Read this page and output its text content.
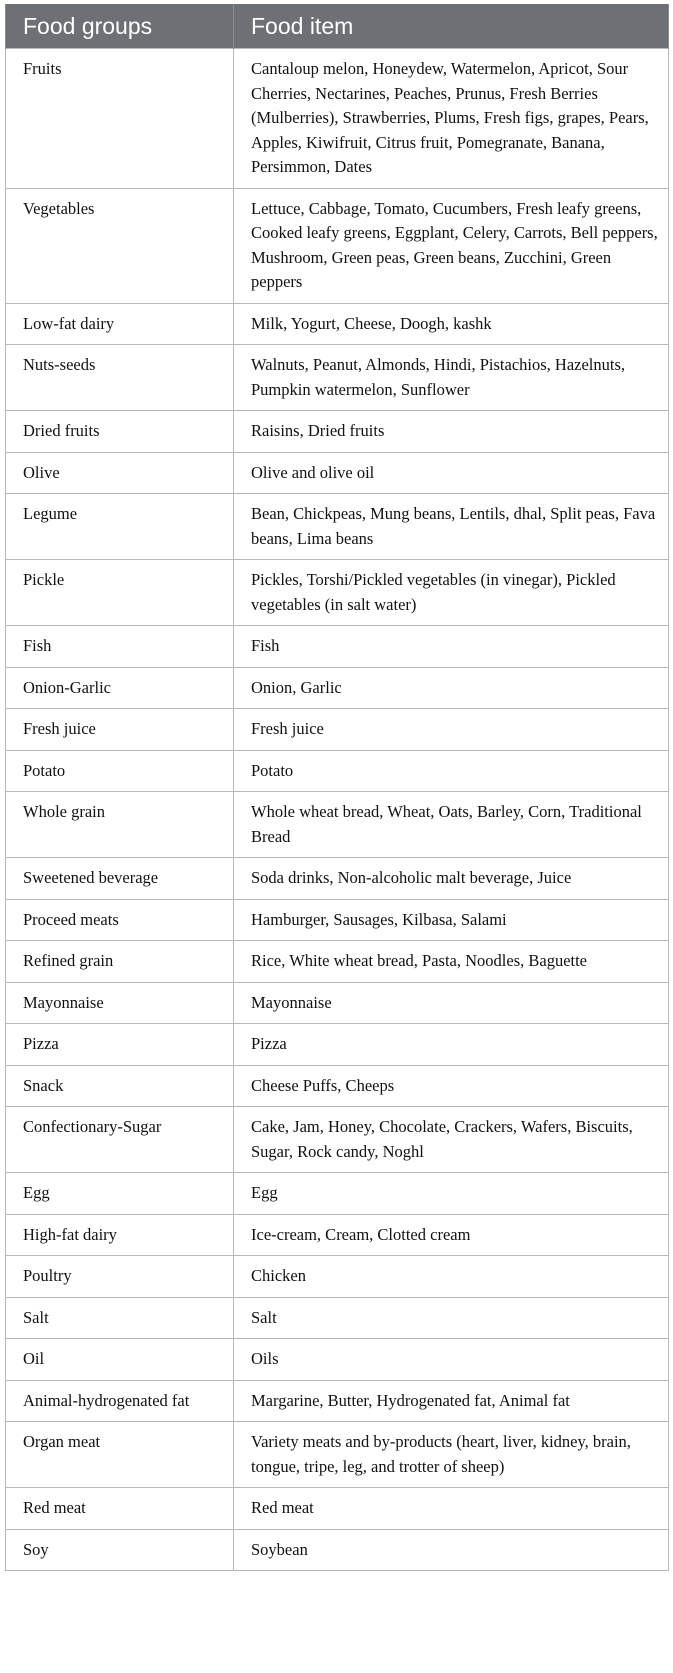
Food groups	Food item
Fruits	Cantaloup melon, Honeydew, Watermelon, Apricot, Sour Cherries, Nectarines, Peaches, Prunus, Fresh Berries (Mulberries), Strawberries, Plums, Fresh figs, grapes, Pears, Apples, Kiwifruit, Citrus fruit, Pomegranate, Banana, Persimmon, Dates
Vegetables	Lettuce, Cabbage, Tomato, Cucumbers, Fresh leafy greens, Cooked leafy greens, Eggplant, Celery, Carrots, Bell peppers, Mushroom, Green peas, Green beans, Zucchini, Green peppers
Low-fat dairy	Milk, Yogurt, Cheese, Doogh, kashk
Nuts-seeds	Walnuts, Peanut, Almonds, Hindi, Pistachios, Hazelnuts, Pumpkin watermelon, Sunflower
Dried fruits	Raisins, Dried fruits
Olive	Olive and olive oil
Legume	Bean, Chickpeas, Mung beans, Lentils, dhal, Split peas, Fava beans, Lima beans
Pickle	Pickles, Torshi/Pickled vegetables (in vinegar), Pickled vegetables (in salt water)
Fish	Fish
Onion-Garlic	Onion, Garlic
Fresh juice	Fresh juice
Potato	Potato
Whole grain	Whole wheat bread, Wheat, Oats, Barley, Corn, Traditional Bread
Sweetened beverage	Soda drinks, Non-alcoholic malt beverage, Juice
Proceed meats	Hamburger, Sausages, Kilbasa, Salami
Refined grain	Rice, White wheat bread, Pasta, Noodles, Baguette
Mayonnaise	Mayonnaise
Pizza	Pizza
Snack	Cheese Puffs, Cheeps
Confectionary-Sugar	Cake, Jam, Honey, Chocolate, Crackers, Wafers, Biscuits, Sugar, Rock candy, Noghl
Egg	Egg
High-fat dairy	Ice-cream, Cream, Clotted cream
Poultry	Chicken
Salt	Salt
Oil	Oils
Animal-hydrogenated fat	Margarine, Butter, Hydrogenated fat, Animal fat
Organ meat	Variety meats and by-products (heart, liver, kidney, brain, tongue, tripe, leg, and trotter of sheep)
Red meat	Red meat
Soy	Soybean
